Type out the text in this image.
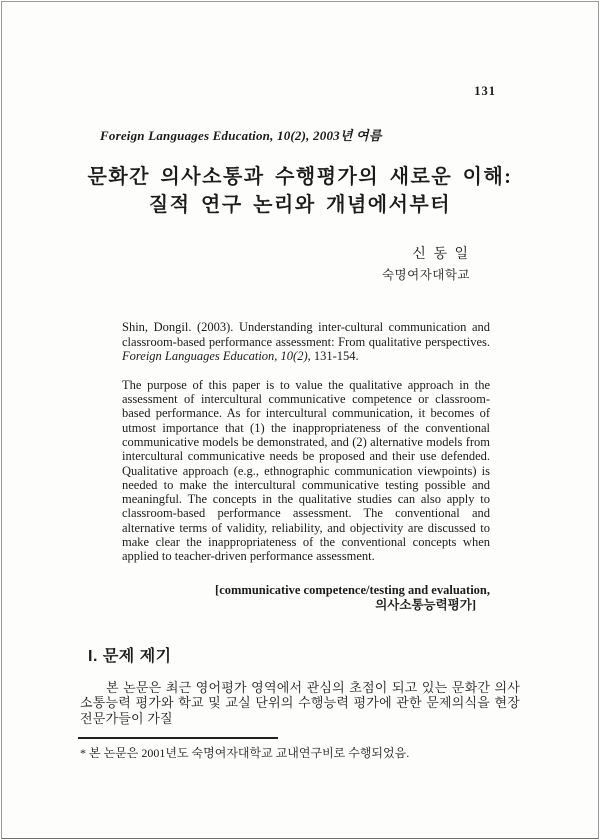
131
Foreign Languages Education, 10(2), 2003년 여름
문화간 의사소통과 수행평가의 새로운 이해:
질적 연구 논리와 개념에서부터
신 동 일
숙명여자대학교
Shin, Dongil. (2003). Understanding inter-cultural communication and classroom-based performance assessment: From qualitative perspectives. Foreign Languages Education, 10(2), 131-154.
The purpose of this paper is to value the qualitative approach in the assessment of intercultural communicative competence or classroom-based performance. As for intercultural communication, it becomes of utmost importance that (1) the inappropriateness of the conventional communicative models be demonstrated, and (2) alternative models from intercultural communicative needs be proposed and their use defended. Qualitative approach (e.g., ethnographic communication viewpoints) is needed to make the intercultural communicative testing possible and meaningful. The concepts in the qualitative studies can also apply to classroom-based performance assessment. The conventional and alternative terms of validity, reliability, and objectivity are discussed to make clear the inappropriateness of the conventional concepts when applied to teacher-driven performance assessment.
[communicative competence/testing and evaluation,
의사소통능력평가]
I. 문제 제기
본 논문은 최근 영어평가 영역에서 관심의 초점이 되고 있는 문화간 의사소통능력 평가와 학교 및 교실 단위의 수행능력 평가에 관한 문제의식을 현장 전문가들이 가질
* 본 논문은 2001년도 숙명여자대학교 교내연구비로 수행되었음.
